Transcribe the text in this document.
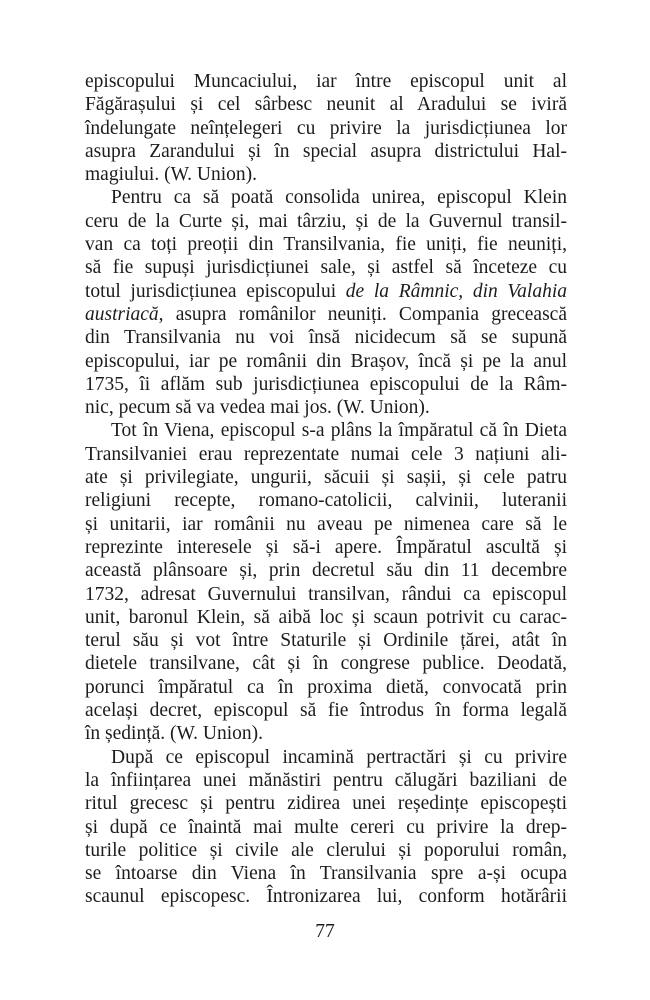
episcopului Muncaciului, iar între episcopul unit al
Făgărașului și cel sârbesc neunit al Aradului se iviră
îndelungate neînțelegeri cu privire la jurisdicțiunea lor
asupra Zarandului și în special asupra districtului Hal-
magiului. (W. Union).
Pentru ca să poată consolida unirea, episcopul Klein
ceru de la Curte și, mai târziu, și de la Guvernul transil-
van ca toți preoții din Transilvania, fie uniți, fie neuniți,
să fie supuși jurisdicțiunei sale, și astfel să înceteze cu
totul jurisdicțiunea episcopului de la Râmnic, din Valahia
austriacă, asupra românilor neuniți. Compania grecească
din Transilvania nu voi însă nicidecum să se supună
episcopului, iar pe românii din Brașov, încă și pe la anul
1735, îi aflăm sub jurisdicțiunea episcopului de la Râm-
nic, pecum să va vedea mai jos. (W. Union).
Tot în Viena, episcopul s-a plâns la împăratul că în Dieta
Transilvaniei erau reprezentate numai cele 3 națiuni ali-
ate și privilegiate, ungurii, săcuii și sașii, și cele patru
religiuni recepte, romano-catolicii, calvinii, luteranii
și unitarii, iar românii nu aveau pe nimenea care să le
reprezinte interesele și să-i apere. Împăratul ascultă și
această plânsoare și, prin decretul său din 11 decembre
1732, adresat Guvernului transilvan, rândui ca episcopul
unit, baronul Klein, să aibă loc și scaun potrivit cu carac-
terul său și vot între Staturile și Ordinile țărei, atât în
dietele transilvane, cât și în congrese publice. Deodată,
porunci împăratul ca în proxima dietă, convocată prin
același decret, episcopul să fie întrodus în forma legală
în ședință. (W. Union).
După ce episcopul incamină pertractări și cu privire
la înființarea unei mănăstiri pentru călugări baziliani de
ritul grecesc și pentru zidirea unei reședințe episcopești
și după ce înaintă mai multe cereri cu privire la drep-
turile politice și civile ale clerului și poporului român,
se întoarse din Viena în Transilvania spre a-și ocupa
scaunul episcopesc. Întronizarea lui, conform hotărârii
77
